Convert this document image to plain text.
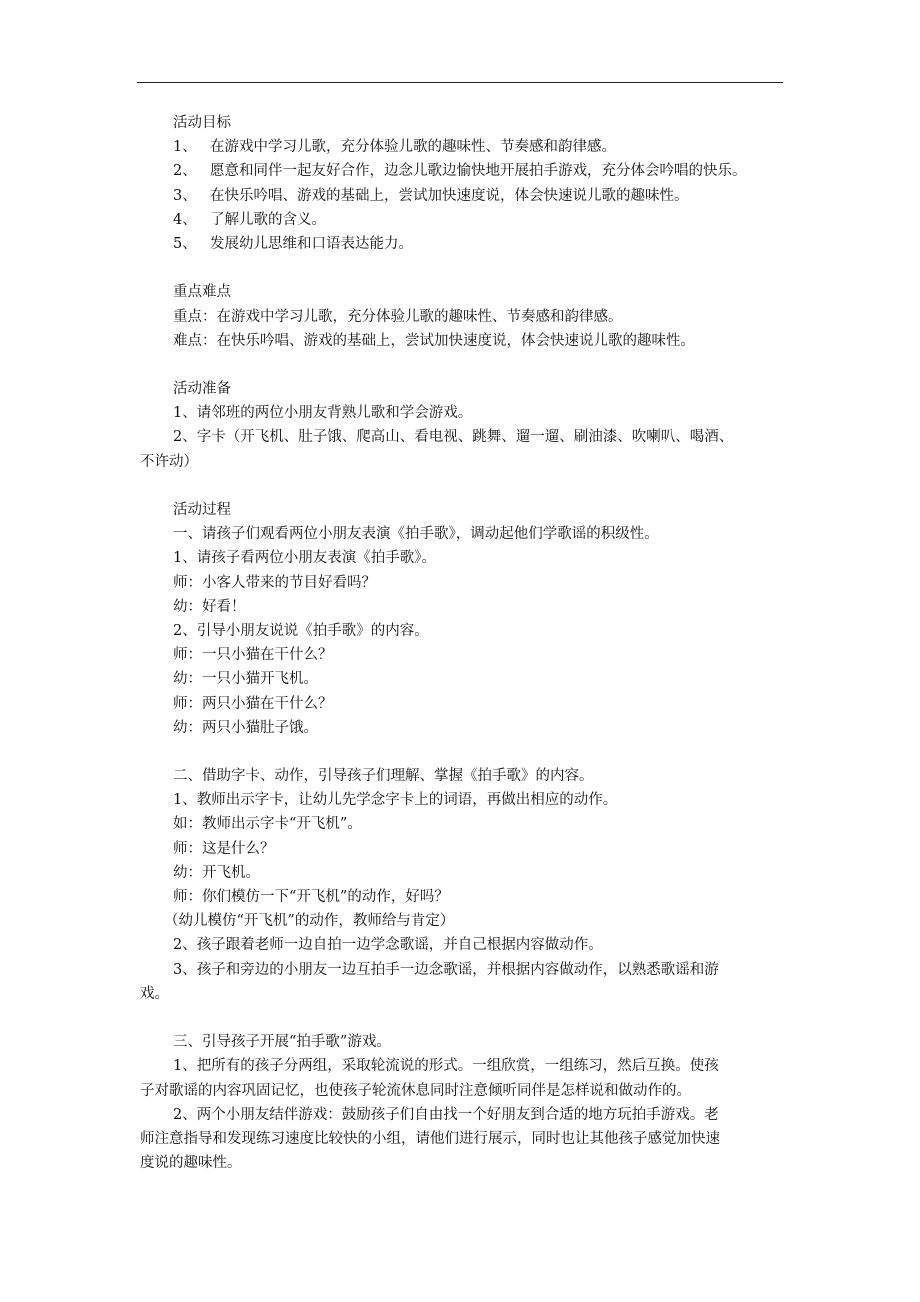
活动目标
1、 在游戏中学习儿歌，充分体验儿歌的趣味性、节奏感和韵律感。
2、 愿意和同伴一起友好合作，边念儿歌边愉快地开展拍手游戏，充分体会吟唱的快乐。
3、 在快乐吟唱、游戏的基础上，尝试加快速度说，体会快速说儿歌的趣味性。
4、 了解儿歌的含义。
5、 发展幼儿思维和口语表达能力。
重点难点
重点：在游戏中学习儿歌，充分体验儿歌的趣味性、节奏感和韵律感。
难点：在快乐吟唱、游戏的基础上，尝试加快速度说，体会快速说儿歌的趣味性。
活动准备
1、请邻班的两位小朋友背熟儿歌和学会游戏。
2、字卡（开飞机、肚子饿、爬高山、看电视、跳舞、遛一遛、刷油漆、吹喇叭、喝酒、
不许动）
活动过程
一、请孩子们观看两位小朋友表演《拍手歌》，调动起他们学歌谣的积级性。
1、请孩子看两位小朋友表演《拍手歌》。
师：小客人带来的节目好看吗？
幼：好看！
2、引导小朋友说说《拍手歌》的内容。
师：一只小猫在干什么？
幼：一只小猫开飞机。
师：两只小猫在干什么？
幼：两只小猫肚子饿。
二、借助字卡、动作，引导孩子们理解、掌握《拍手歌》的内容。
1、教师出示字卡，让幼儿先学念字卡上的词语，再做出相应的动作。
如：教师出示字卡“开飞机”。
师：这是什么？
幼：开飞机。
师：你们模仿一下“开飞机”的动作，好吗？
（幼儿模仿“开飞机”的动作，教师给与肯定）
2、孩子跟着老师一边自拍一边学念歌谣，并自己根据内容做动作。
3、孩子和旁边的小朋友一边互拍手一边念歌谣，并根据内容做动作，以熟悉歌谣和游
戏。
三、引导孩子开展“拍手歌”游戏。
1、把所有的孩子分两组，采取轮流说的形式。一组欣赏，一组练习，然后互换。使孩
子对歌谣的内容巩固记忆，也使孩子轮流休息同时注意倾听同伴是怎样说和做动作的。
2、两个小朋友结伴游戏：鼓励孩子们自由找一个好朋友到合适的地方玩拍手游戏。老
师注意指导和发现练习速度比较快的小组，请他们进行展示，同时也让其他孩子感觉加快速
度说的趣味性。
